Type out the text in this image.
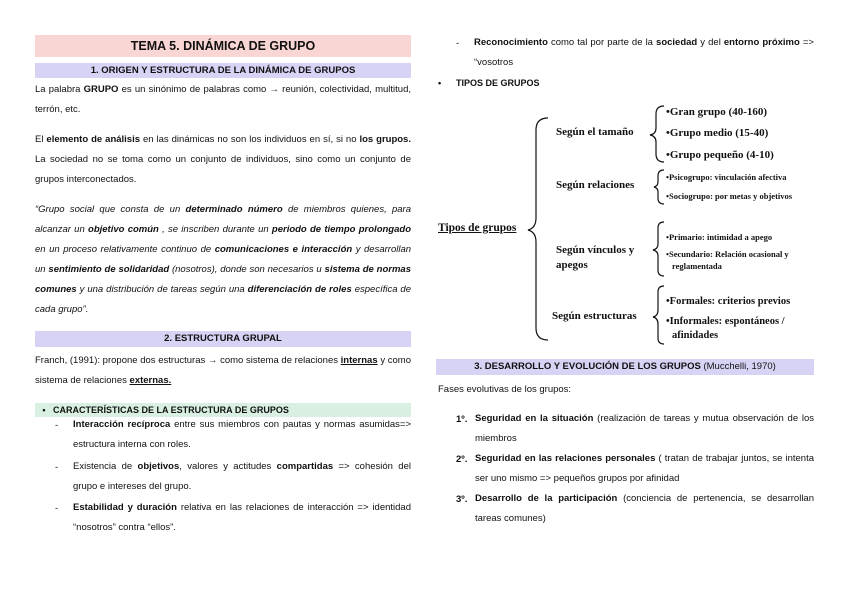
TEMA 5. DINÁMICA DE GRUPO
1. ORIGEN Y ESTRUCTURA DE LA DINÁMICA DE GRUPOS
La palabra GRUPO es un sinónimo de palabras como → reunión, colectividad, multitud, terrón, etc.
El elemento de análisis en las dinámicas no son los individuos en sí, si no los grupos. La sociedad no se toma como un conjunto de individuos, sino como un conjunto de grupos interconectados.
“Grupo social que consta de un determinado número de miembros quienes, para alcanzar un objetivo común , se inscriben durante un periodo de tiempo prolongado en un proceso relativamente continuo de comunicaciones e interacción y desarrollan un sentimiento de solidaridad (nosotros), donde son necesarios u sistema de normas comunes y una distribución de tareas según una diferenciación de roles específica de cada grupo”.
2. ESTRUCTURA GRUPAL
Franch, (1991): propone dos estructuras → como sistema de relaciones internas y como sistema de relaciones externas.
• CARACTERÍSTICAS DE LA ESTRUCTURA DE GRUPOS
- Interacción recíproca entre sus miembros con pautas y normas asumidas=> estructura interna con roles.
- Existencia de objetivos, valores y actitudes compartidas => cohesión del grupo e intereses del grupo.
- Estabilidad y duración relativa en las relaciones de interacción => identidad “nosotros” contra “ellos”.
- Reconocimiento como tal por parte de la sociedad y del entorno próximo => “vosotros
• TIPOS DE GRUPOS
Tipos de grupos
Según el tamaño
•Gran grupo (40-160)
•Grupo medio (15-40)
•Grupo pequeño (4-10)
Según relaciones
•Psicogrupo: vinculación afectiva
•Sociogrupo: por metas y objetivos
Según vínculos y
apegos
•Primario: intimidad a apego
•Secundario: Relación ocasional y
reglamentada
Según estructuras
•Formales: criterios previos
•Informales: espontáneos /
afinidades
3. DESARROLLO Y EVOLUCIÓN DE LOS GRUPOS (Mucchelli, 1970)
Fases evolutivas de los grupos:
1º. Seguridad en la situación (realización de tareas y mutua observación de los miembros
2º. Seguridad en las relaciones personales ( tratan de trabajar juntos, se intenta ser uno mismo => pequeños grupos por afinidad
3º. Desarrollo de la participación (conciencia de pertenencia, se desarrollan tareas comunes)
